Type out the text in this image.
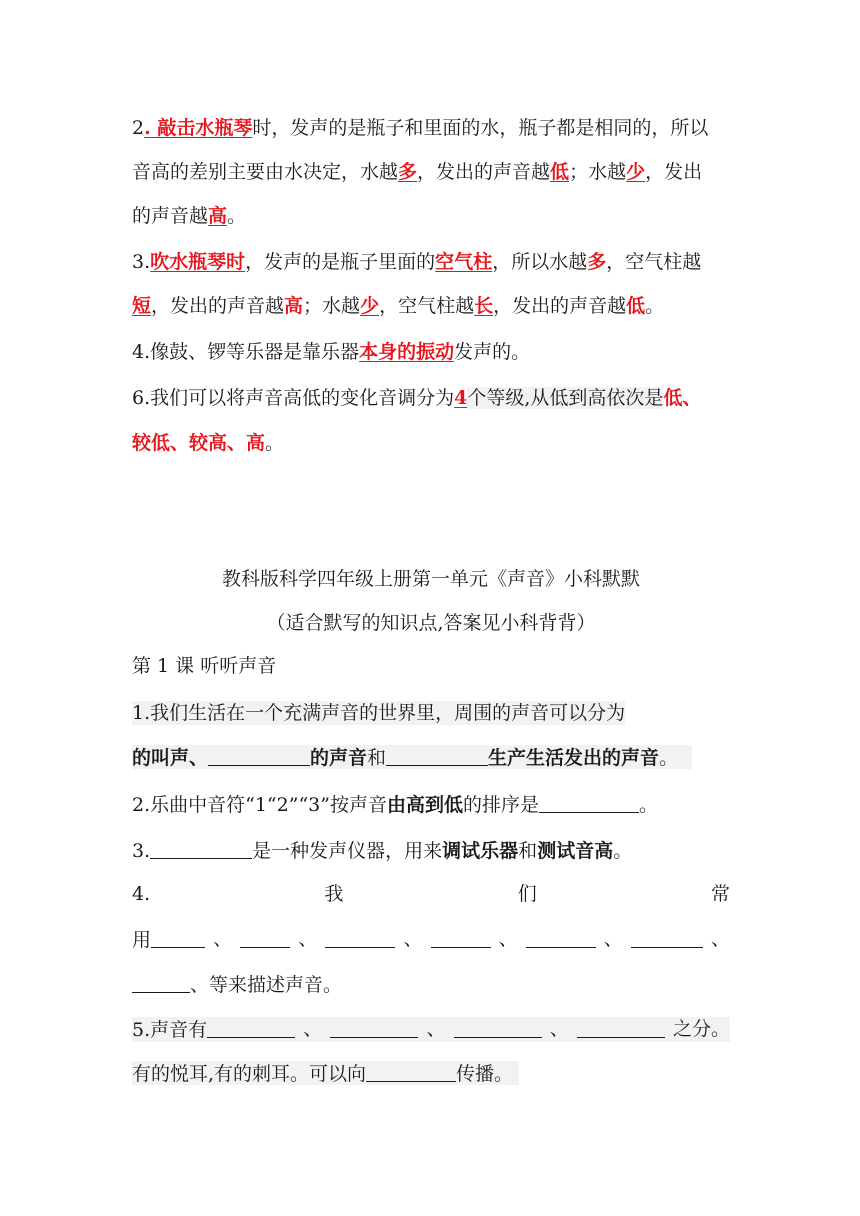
2. 敲击水瓶琴时，发声的是瓶子和里面的水，瓶子都是相同的，所以
音高的差别主要由水决定，水越多，发出的声音越低；水越少，发出
的声音越高。
3.吹水瓶琴时，发声的是瓶子里面的空气柱，所以水越多，空气柱越
短，发出的声音越高；水越少，空气柱越长，发出的声音越低。
4.像鼓、锣等乐器是靠乐器本身的振动发声的。
6.我们可以将声音高低的变化音调分为4个等级,从低到高依次是低、
较低、较高、高。
教科版科学四年级上册第一单元《声音》小科默默
（适合默写的知识点,答案见小科背背）
第 1 课 听听声音
1.我们生活在一个充满声音的世界里，周围的声音可以分为
的叫声、	的声音和	生产生活发出的声音。
2.乐曲中音符“1“2”“3”按声音由高到低的排序是	。
3.	是一种发声仪器，用来调试乐器和测试音高。
4.	我	们	常
用	、	、	、	、	、	、
、等来描述声音。
5.声音有	、	、	、	之分。
有的悦耳,有的刺耳。可以向	传播。
